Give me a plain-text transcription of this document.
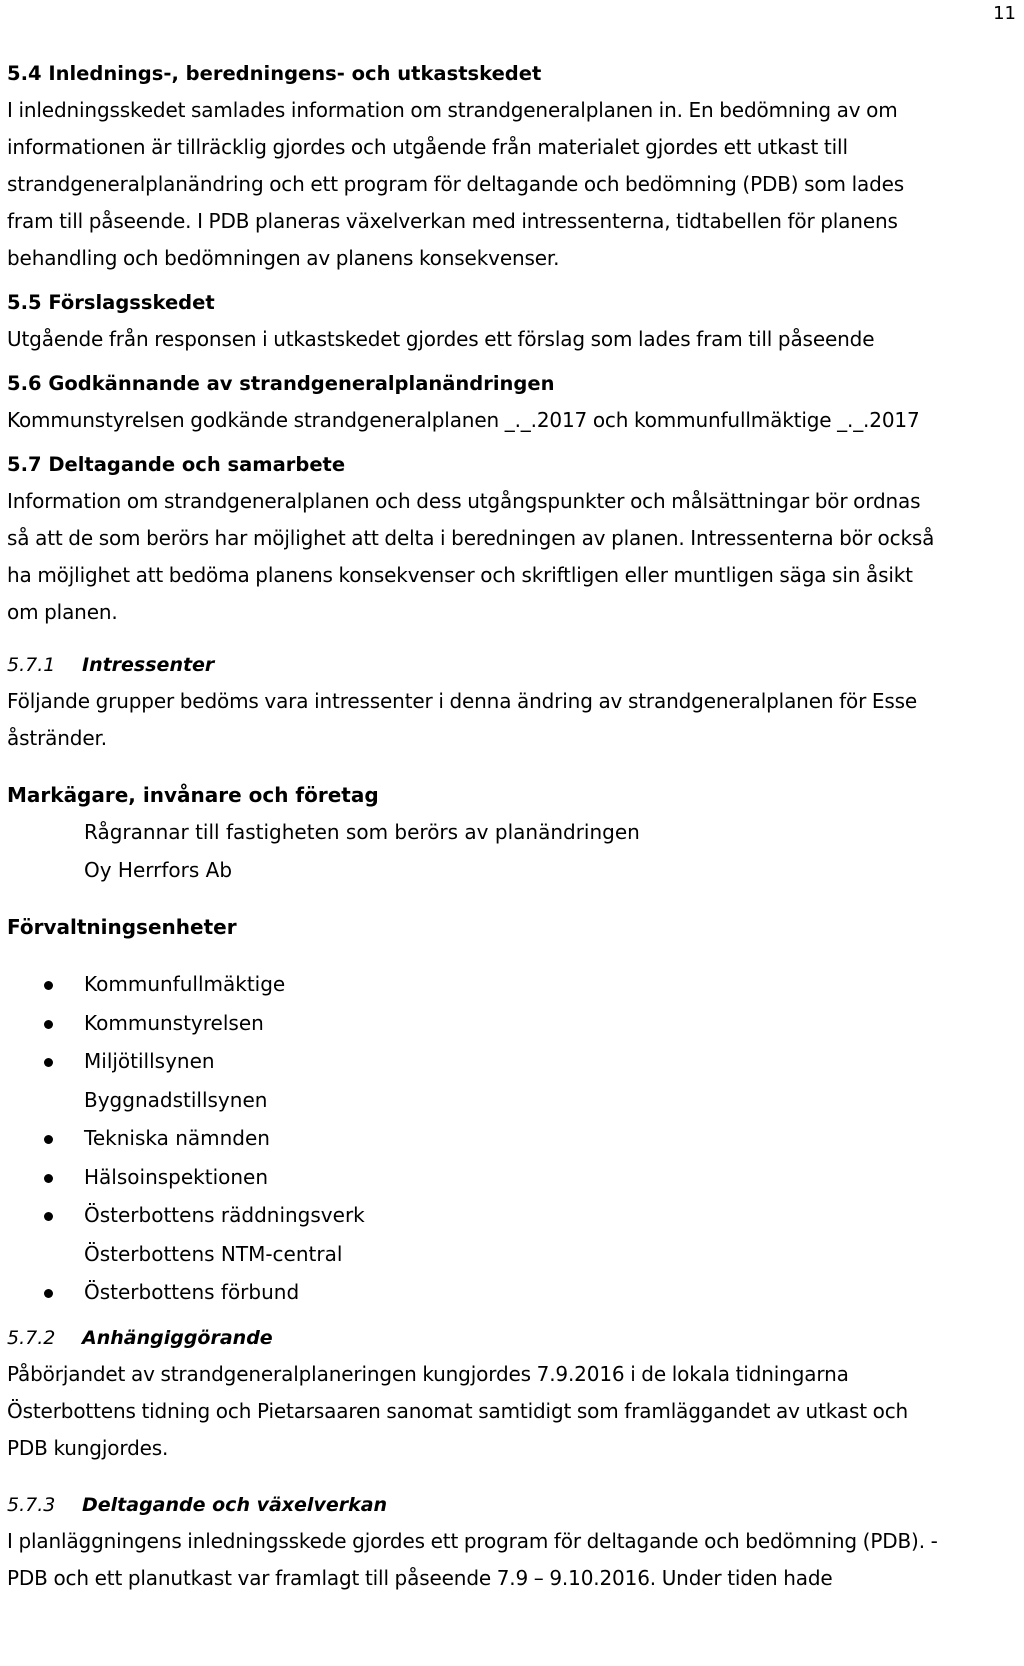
11
5.4 Inlednings-, beredningens- och utkastskedet
I inledningsskedet samlades information om strandgeneralplanen in. En bedömning av om
informationen är tillräcklig gjordes och utgående från materialet gjordes ett utkast till
strandgeneralplanändring och ett program för deltagande och bedömning (PDB) som lades
fram till påseende. I PDB planeras växelverkan med intressenterna, tidtabellen för planens
behandling och bedömningen av planens konsekvenser.
5.5 Förslagsskedet
Utgående från responsen i utkastskedet gjordes ett förslag som lades fram till påseende
5.6 Godkännande av strandgeneralplanändringen
Kommunstyrelsen godkände strandgeneralplanen _._.2017 och kommunfullmäktige _._.2017
5.7 Deltagande och samarbete
Information om strandgeneralplanen och dess utgångspunkter och målsättningar bör ordnas
så att de som berörs har möjlighet att delta i beredningen av planen. Intressenterna bör också
ha möjlighet att bedöma planens konsekvenser och skriftligen eller muntligen säga sin åsikt
om planen.
5.7.1 Intressenter
Följande grupper bedöms vara intressenter i denna ändring av strandgeneralplanen för Esse
åstränder.
Markägare, invånare och företag
Rågrannar till fastigheten som berörs av planändringen
Oy Herrfors Ab
Förvaltningsenheter
Kommunfullmäktige
Kommunstyrelsen
Miljötillsynen
Byggnadstillsynen
Tekniska nämnden
Hälsoinspektionen
Österbottens räddningsverk
Österbottens NTM-central
Österbottens förbund
5.7.2 Anhängiggörande
Påbörjandet av strandgeneralplaneringen kungjordes 7.9.2016 i de lokala tidningarna
Österbottens tidning och Pietarsaaren sanomat samtidigt som framläggandet av utkast och
PDB kungjordes.
5.7.3 Deltagande och växelverkan
I planläggningens inledningsskede gjordes ett program för deltagande och bedömning (PDB). -
PDB och ett planutkast var framlagt till påseende 7.9 – 9.10.2016. Under tiden hade
